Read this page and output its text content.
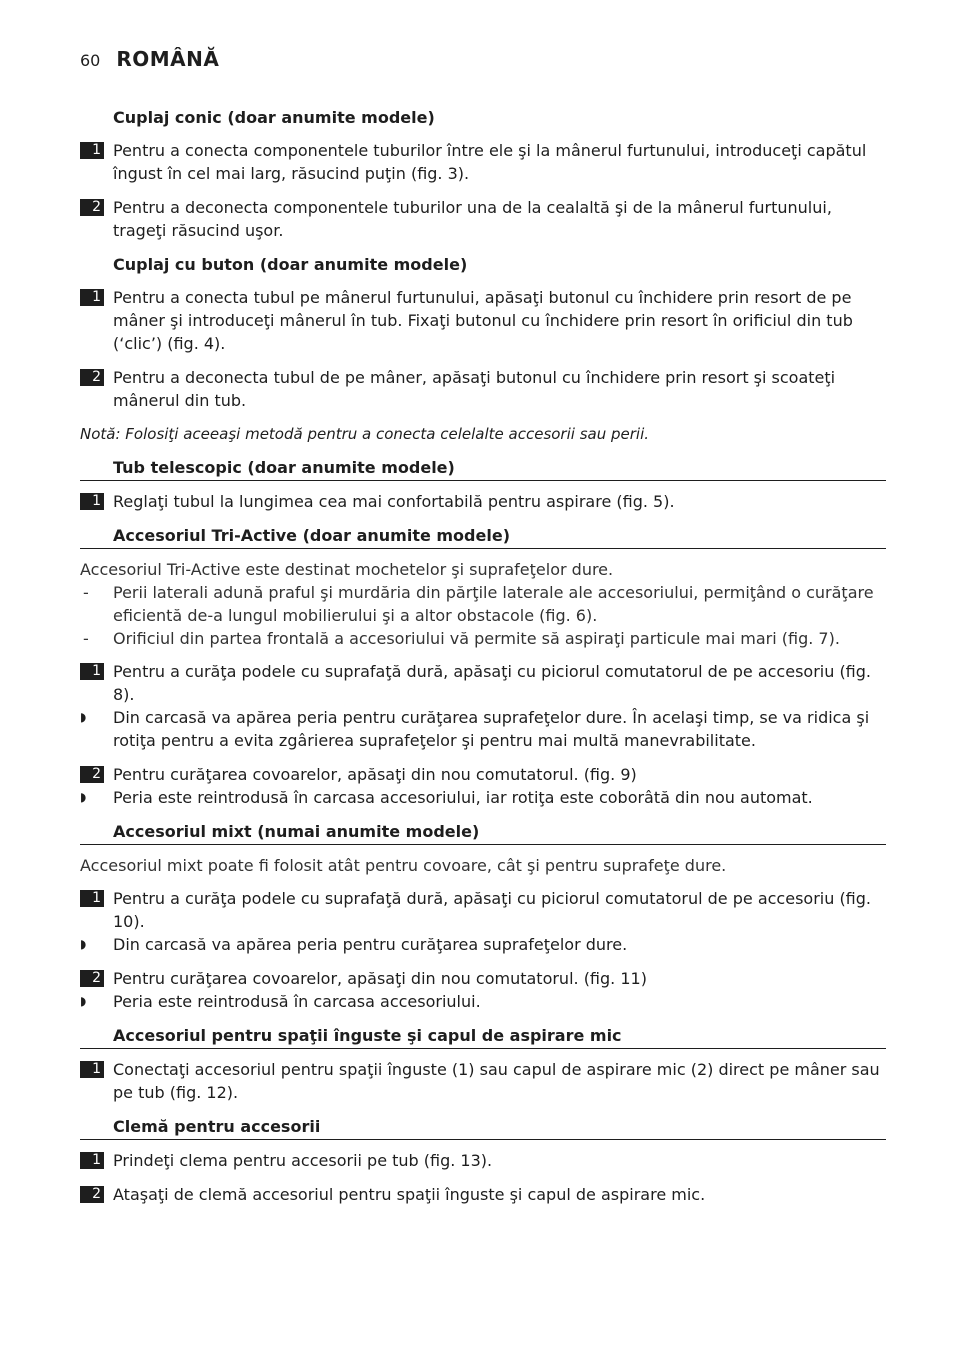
60 ROMÂNĂ
Cuplaj conic (doar anumite modele)
1 Pentru a conecta componentele tuburilor între ele şi la mânerul furtunului, introduceţi capătul îngust în cel mai larg, răsucind puţin (fig. 3).
2 Pentru a deconecta componentele tuburilor una de la cealaltă şi de la mânerul furtunului, trageţi răsucind uşor.
Cuplaj cu buton (doar anumite modele)
1 Pentru a conecta tubul pe mânerul furtunului, apăsaţi butonul cu închidere prin resort de pe mâner şi introduceţi mânerul în tub. Fixaţi butonul cu închidere prin resort în orificiul din tub (‘clic’) (fig. 4).
2 Pentru a deconecta tubul de pe mâner, apăsaţi butonul cu închidere prin resort şi scoateţi mânerul din tub.
Notă: Folosiţi aceeaşi metodă pentru a conecta celelalte accesorii sau perii.
Tub telescopic (doar anumite modele)
1 Reglaţi tubul la lungimea cea mai confortabilă pentru aspirare (fig. 5).
Accesoriul Tri-Active (doar anumite modele)
Accesoriul Tri-Active este destinat mochetelor şi suprafeţelor dure.
- Perii laterali adună praful şi murdăria din părţile laterale ale accesoriului, permiţând o curăţare eficientă de-a lungul mobilierului şi a altor obstacole (fig. 6).
- Orificiul din partea frontală a accesoriului vă permite să aspiraţi particule mai mari (fig. 7).
1 Pentru a curăţa podele cu suprafaţă dură, apăsaţi cu piciorul comutatorul de pe accesoriu (fig. 8).
◗ Din carcasă va apărea peria pentru curăţarea suprafeţelor dure. În acelaşi timp, se va ridica şi rotiţa pentru a evita zgârierea suprafeţelor şi pentru mai multă manevrabilitate.
2 Pentru curăţarea covoarelor, apăsaţi din nou comutatorul. (fig. 9)
◗ Peria este reintrodusă în carcasa accesoriului, iar rotiţa este coborâtă din nou automat.
Accesoriul mixt (numai anumite modele)
Accesoriul mixt poate fi folosit atât pentru covoare, cât şi pentru suprafeţe dure.
1 Pentru a curăţa podele cu suprafaţă dură, apăsaţi cu piciorul comutatorul de pe accesoriu (fig. 10).
◗ Din carcasă va apărea peria pentru curăţarea suprafeţelor dure.
2 Pentru curăţarea covoarelor, apăsaţi din nou comutatorul. (fig. 11)
◗ Peria este reintrodusă în carcasa accesoriului.
Accesoriul pentru spaţii înguste şi capul de aspirare mic
1 Conectaţi accesoriul pentru spaţii înguste (1) sau capul de aspirare mic (2) direct pe mâner sau pe tub (fig. 12).
Clemă pentru accesorii
1 Prindeţi clema pentru accesorii pe tub (fig. 13).
2 Ataşaţi de clemă accesoriul pentru spaţii înguste şi capul de aspirare mic.
